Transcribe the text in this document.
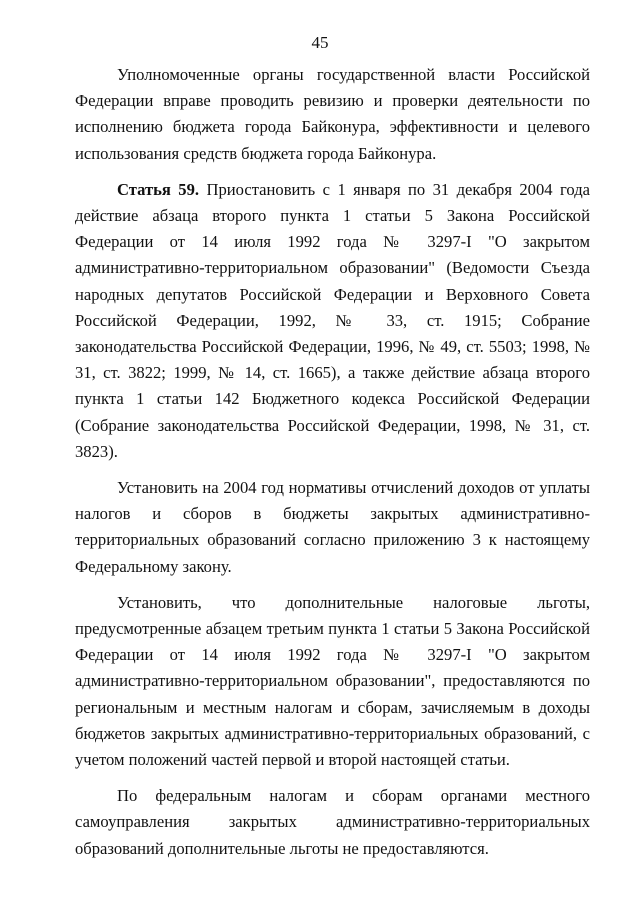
45

Уполномоченные органы государственной власти Российской Федерации вправе проводить ревизию и проверки деятельности по исполнению бюджета города Байконура, эффективности и целевого использования средств бюджета города Байконура.

Статья 59. Приостановить с 1 января по 31 декабря 2004 года действие абзаца второго пункта 1 статьи 5 Закона Российской Федерации от 14 июля 1992 года № 3297-I "О закрытом административно-территориальном образовании" (Ведомости Съезда народных депутатов Российской Федерации и Верховного Совета Российской Федерации, 1992, № 33, ст. 1915; Собрание законодательства Российской Федерации, 1996, № 49, ст. 5503; 1998, № 31, ст. 3822; 1999, № 14, ст. 1665), а также действие абзаца второго пункта 1 статьи 142 Бюджетного кодекса Российской Федерации (Собрание законодательства Российской Федерации, 1998, № 31, ст. 3823).

Установить на 2004 год нормативы отчислений доходов от уплаты налогов и сборов в бюджеты закрытых административно-территориальных образований согласно приложению 3 к настоящему Федеральному закону.

Установить, что дополнительные налоговые льготы, предусмотренные абзацем третьим пункта 1 статьи 5 Закона Российской Федерации от 14 июля 1992 года № 3297-I "О закрытом административно-территориальном образовании", предоставляются по региональным и местным налогам и сборам, зачисляемым в доходы бюджетов закрытых административно-территориальных образований, с учетом положений частей первой и второй настоящей статьи.

По федеральным налогам и сборам органами местного самоуправления закрытых административно-территориальных образований дополнительные льготы не предоставляются.
